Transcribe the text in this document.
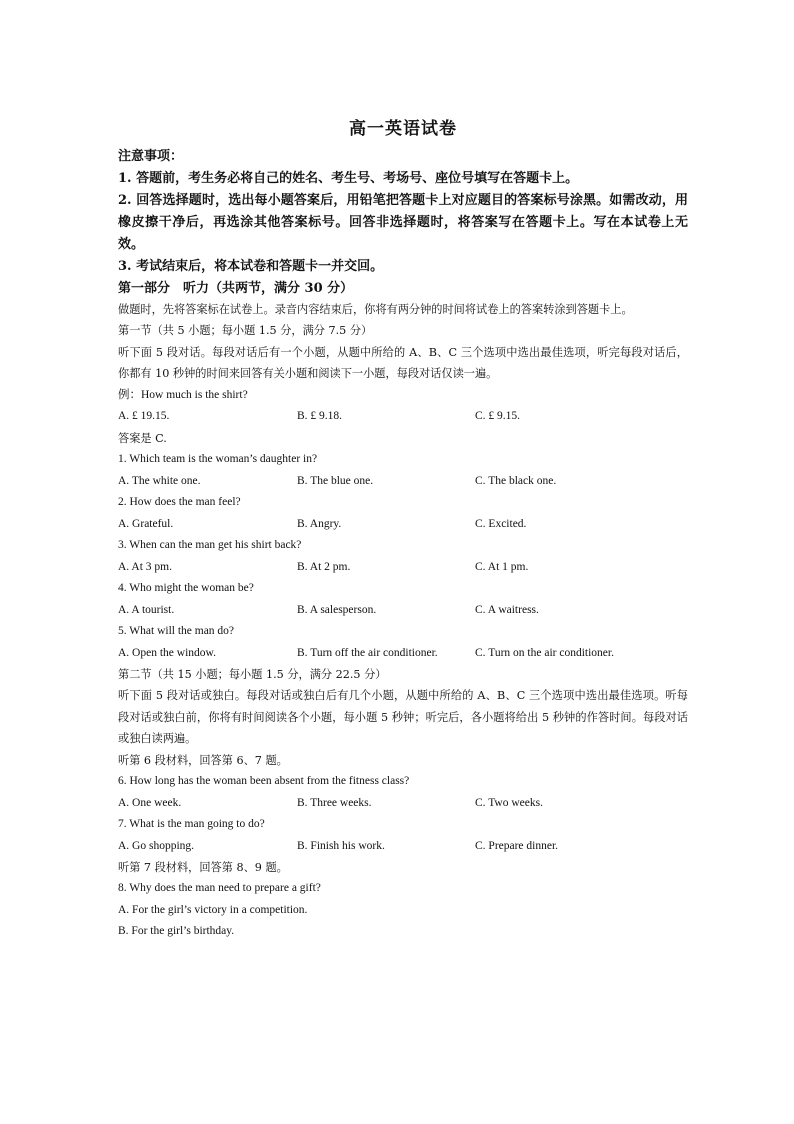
高一英语试卷
注意事项：
1. 答题前，考生务必将自己的姓名、考生号、考场号、座位号填写在答题卡上。
2. 回答选择题时，选出每小题答案后，用铅笔把答题卡上对应题目的答案标号涂黑。如需改动，用橡皮擦干净后，再选涂其他答案标号。回答非选择题时，将答案写在答题卡上。写在本试卷上无效。
3. 考试结束后，将本试卷和答题卡一并交回。
第一部分　听力（共两节，满分 30 分）
做题时，先将答案标在试卷上。录音内容结束后，你将有两分钟的时间将试卷上的答案转涂到答题卡上。
第一节（共 5 小题；每小题 1.5 分，满分 7.5 分）
听下面 5 段对话。每段对话后有一个小题，从题中所给的 A、B、C 三个选项中选出最佳选项，听完每段对话后，你都有 10 秒钟的时间来回答有关小题和阅读下一小题，每段对话仅读一遍。
例：How much is the shirt?
A. £ 19.15.	B. £ 9.18.	C. £ 9.15.
答案是 C.
1. Which team is the woman’s daughter in?
A. The white one.	B. The blue one.	C. The black one.
2. How does the man feel?
A. Grateful.	B. Angry.	C. Excited.
3. When can the man get his shirt back?
A. At 3 pm.	B. At 2 pm.	C. At 1 pm.
4. Who might the woman be?
A. A tourist.	B. A salesperson.	C. A waitress.
5. What will the man do?
A. Open the window.	B. Turn off the air conditioner.	C. Turn on the air conditioner.
第二节（共 15 小题；每小题 1.5 分，满分 22.5 分）
听下面 5 段对话或独白。每段对话或独白后有几个小题，从题中所给的 A、B、C 三个选项中选出最佳选项。听每段对话或独白前，你将有时间阅读各个小题，每小题 5 秒钟；听完后，各小题将给出 5 秒钟的作答时间。每段对话或独白读两遍。
听第 6 段材料，回答第 6、7 题。
6. How long has the woman been absent from the fitness class?
A. One week.	B. Three weeks.	C. Two weeks.
7. What is the man going to do?
A. Go shopping.	B. Finish his work.	C. Prepare dinner.
听第 7 段材料，回答第 8、9 题。
8. Why does the man need to prepare a gift?
A. For the girl’s victory in a competition.
B. For the girl’s birthday.
